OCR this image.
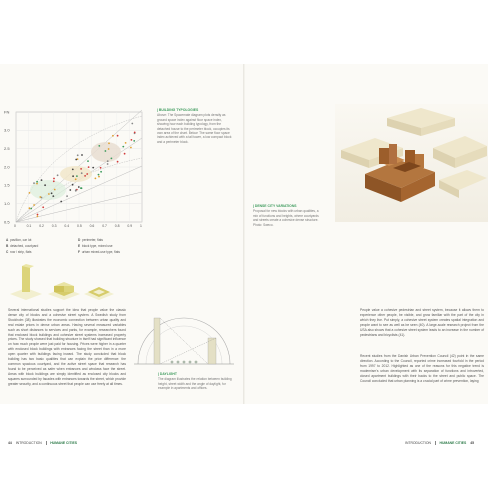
FN
3.0
2.5
2.0
1.5
1.0
0.5
0	0.1 0.2 0.3 0.4 0.5 0.6 0.7 0.8 0.9 1
A pavillon, car lot
B detached, courtyard
C row / strip, flats
D perimeter, flats
E block type, mixed use
F urban mixed-use type, flats
| BUILDING TYPOLOGIES
Above: The Spacemate diagram plots density as ground space index against floor space index, showing how each building typology, from the detached house to the perimeter block, occupies its own area of the chart. Below: The same floor space index achieved with a tall tower, a low compact block and a perimeter block.
Several international studies support the idea that people value the classic dense city of blocks and a cohesive street system. A Swedish study from Stockholm (38) illustrates the economic connection between urban quality and real estate prices in dense urban areas. Having several measured variables such as short distances to services and parks, for example, researchers found that enclosed block buildings and cohesive street systems increased property prices. The study showed that building structure in itself had significant influence on how much people were just paid for housing. Prices were higher in a quarter with enclosed block buildings with entrances facing the street than in a more open quarter with buildings facing inward. The study concluded that block building has two basic qualities that can explain the price difference: the common spacious courtyard, and the active street space that research has found to be perceived as safer when entrances and windows face the street. Areas with block buildings are simply identified as enclosed city blocks and squares surrounded by facades with entrances towards the street, which provide greater security, and a continuous street that people can use freely at all times.
| DAYLIGHT
The diagram illustrates the relation between building height, street width and the angle of daylight, for example in apartments and offices.
44 INTRODUCTION	HUMANE CITIES
| DENSE CITY VARIATIONS
Proposal for new blocks with urban qualities, a mix of functions and heights, where courtyards and streets create a cohesive dense structure. Photo: Sweco.
People value a cohesive pedestrian and street system, because it allows them to experience other people, be visible, and grow familiar with the part of the city in which they live. Put simply, a cohesive street system creates spatial integration and people want to see as well as be seen (40). A large-scale research project from the USA also shows that a cohesive street system leads to an increase in the number of pedestrians and bicyclists (41).
Recent studies from the Danish Urban Prevention Council (42) point in the same direction. According to the Council, reported crime increased fourfold in the period from 1997 to 2012. Highlighted as one of the reasons for this negative trend is modernism's urban development with its separation of functions and introverted, closed apartment buildings with their backs to the street and public space. The Council concluded that urban planning is a crucial part of crime prevention, laying
INTRODUCTION	HUMANE CITIES 45
